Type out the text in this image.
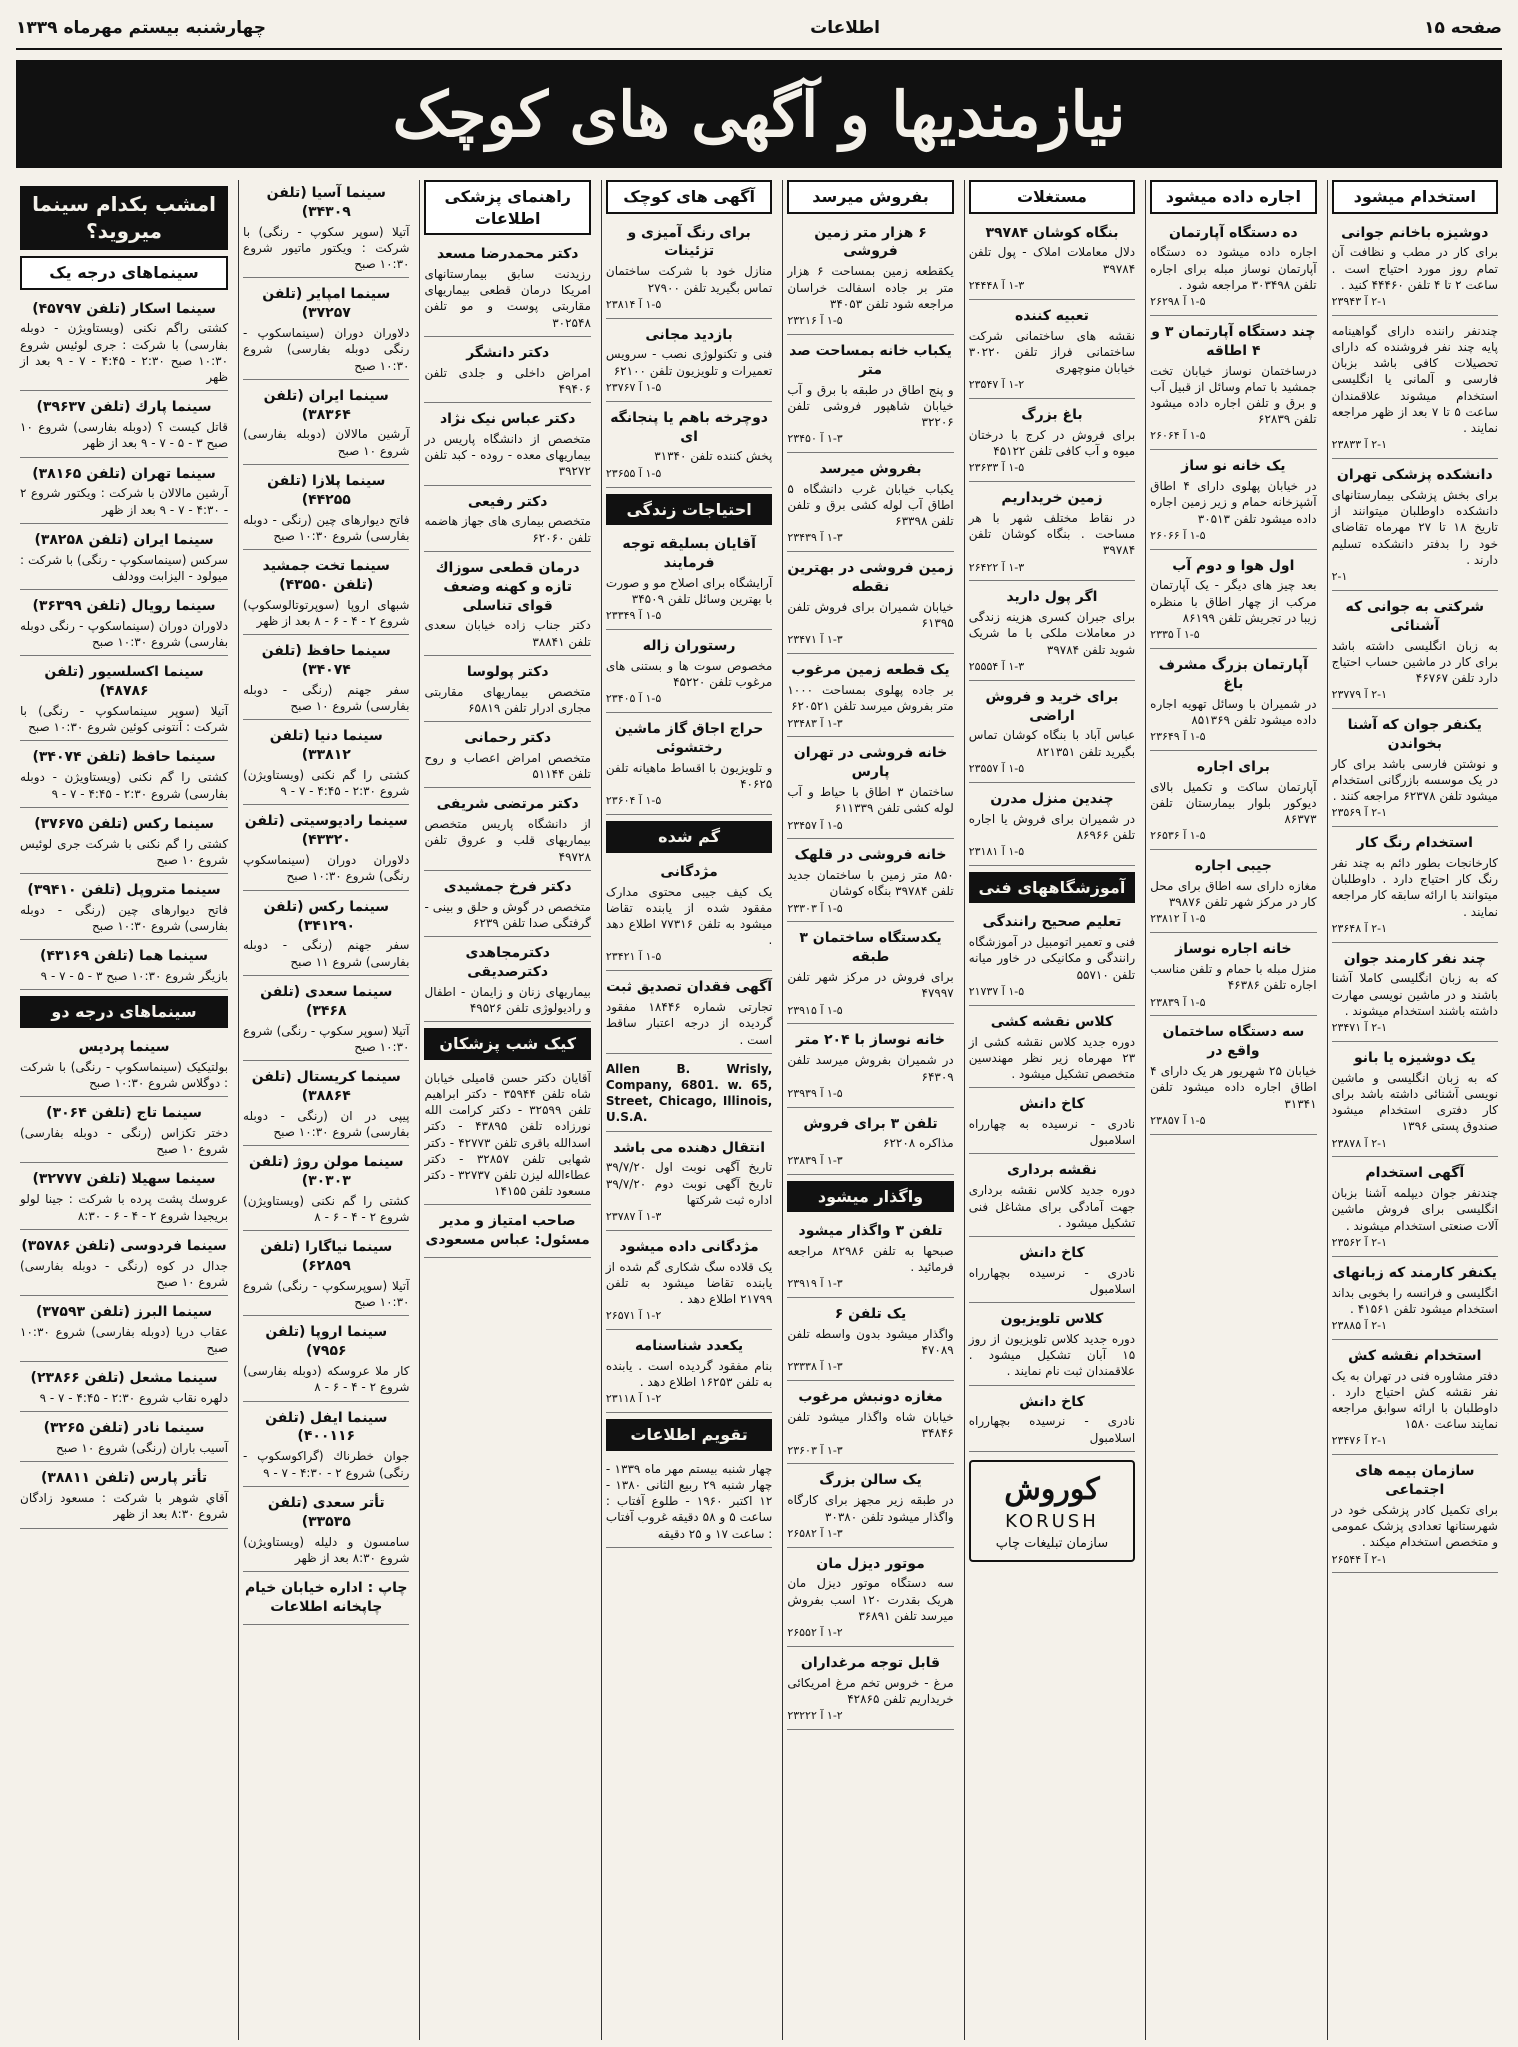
صفحه ۱۵
اطلاعات
چهارشنبه بیستم مهرماه ۱۳۳۹
نیازمندیها و آگهی های کوچک
استخدام میشود
دوشیزه باخانم جوانی
برای کار در مطب و نظافت آن تمام روز مورد احتیاج است . ساعت ۲ تا ۴ تلفن ۴۴۴۶۰ کنید .
۲-۱ آ ۲۳۹۴۳
چندنفر راننده دارای گواهینامه پایه چند نفر فروشنده که دارای تحصیلات کافی باشد بزبان فارسی و آلمانی یا انگلیسی استخدام میشوند علاقمندان ساعت ۵ تا ۷ بعد از ظهر مراجعه نمایند .
۲-۱ آ ۲۳۸۳۳
دانشکده پزشکی تهران
برای بخش پزشکی بیمارستانهای دانشکده داوطلبان میتوانند از تاریخ ۱۸ تا ۲۷ مهرماه تقاضای خود را بدفتر دانشکده تسلیم دارند .
۲-۱
شرکتی به جوانی که آشنائی
به زبان انگلیسی داشته باشد برای کار در ماشین حساب احتیاج دارد تلفن ۴۶۷۶۷
۲-۱ آ ۲۳۷۷۹
یکنفر جوان که آشنا بخواندن
و نوشتن فارسی باشد برای کار در یک موسسه بازرگانی استخدام میشود تلفن ۶۲۳۷۸ مراجعه کنند .
۲-۱ آ ۲۳۵۶۹
استخدام رنگ کار
کارخانجات بطور دائم به چند نفر رنگ کار احتیاج دارد . داوطلبان میتوانند با ارائه سابقه کار مراجعه نمایند .
۲-۱ آ ۲۳۶۴۸
چند نفر کارمند جوان
که به زبان انگلیسی کاملا آشنا باشند و در ماشین نویسی مهارت داشته باشند استخدام میشوند .
۲-۱ آ ۲۳۴۷۱
یک دوشیزه یا بانو
که به زبان انگلیسی و ماشین نویسی آشنائی داشته باشد برای کار دفتری استخدام میشود صندوق پستی ۱۳۹۶
۲-۱ آ ۲۳۸۷۸
آگهی استخدام
چندنفر جوان دیپلمه آشنا بزبان انگلیسی برای فروش ماشین آلات صنعتی استخدام میشوند .
۲-۱ آ ۲۳۵۶۲
یکنفر کارمند که زبانهای
انگلیسی و فرانسه را بخوبی بداند استخدام میشود تلفن ۴۱۵۶۱ .
۲-۱ آ ۲۳۸۸۵
استخدام نقشه کش
دفتر مشاوره فنی در تهران به یک نفر نقشه کش احتیاج دارد . داوطلبان با ارائه سوابق مراجعه نمایند ساعت ۱۵۸۰
۲-۱ آ ۲۳۴۷۶
سازمان بیمه های اجتماعی
برای تکمیل کادر پزشکی خود در شهرستانها تعدادی پزشک عمومی و متخصص استخدام میکند .
۲-۱ آ ۲۶۵۴۴
اجاره داده میشود
ده دستگاه آپارتمان
اجاره داده میشود ده دستگاه آپارتمان نوساز مبله برای اجاره تلفن ۳۰۳۴۹۸ مراجعه شود .
۱-۵ آ ۲۶۲۹۸
چند دستگاه آپارتمان ۳ و ۴ اطاقه
درساختمان نوساز خیابان تخت جمشید با تمام وسائل از قبیل آب و برق و تلفن اجاره داده میشود تلفن ۶۲۸۳۹
۱-۵ آ ۲۶۰۶۴
یک خانه نو ساز
در خیابان پهلوی دارای ۴ اطاق آشپزخانه حمام و زیر زمین اجاره داده میشود تلفن ۳۰۵۱۳
۱-۵ آ ۲۶۰۶۶
اول هوا و دوم آب
بعد چیز های دیگر - یک آپارتمان مرکب از چهار اطاق با منظره زیبا در تجریش تلفن ۸۶۱۹۹
۱-۵ آ ۲۳۳۵
آپارتمان بزرگ مشرف باغ
در شمیران با وسائل تهویه اجاره داده میشود تلفن ۸۵۱۳۶۹
۱-۵ آ ۲۳۶۴۹
برای اجاره
آپارتمان ساکت و تکمیل بالای دیوکور بلوار بیمارستان تلفن ۸۶۳۷۳
۱-۵ آ ۲۶۵۳۶
جیبی اجاره
مغازه دارای سه اطاق برای محل کار در مرکز شهر تلفن ۳۹۸۷۶
۱-۵ آ ۲۳۸۱۲
خانه اجاره نوساز
منزل مبله با حمام و تلفن مناسب اجاره تلفن ۴۶۳۸۶
۱-۵ آ ۲۳۸۳۹
سه دستگاه ساختمان واقع در
خیابان ۲۵ شهریور هر یک دارای ۴ اطاق اجاره داده میشود تلفن ۳۱۳۴۱
۱-۵ آ ۲۳۸۵۷
مستغلات
بنگاه کوشان ۳۹۷۸۴
دلال معاملات املاک - پول تلفن ۳۹۷۸۴
۱-۳ آ ۲۴۴۴۸
تعبیه کننده
نقشه های ساختمانی شرکت ساختمانی فراز تلفن ۳۰۲۲۰ خیابان منوچهری
۱-۲ آ ۲۳۵۴۷
باغ بزرگ
برای فروش در کرج با درختان میوه و آب کافی تلفن ۴۵۱۲۲
۱-۵ آ ۲۳۶۳۳
زمین خریداریم
در نقاط مختلف شهر با هر مساحت . بنگاه کوشان تلفن ۳۹۷۸۴
۱-۳ آ ۲۶۴۲۲
اگر پول دارید
برای جبران کسری هزینه زندگی در معاملات ملکی با ما شریک شوید تلفن ۳۹۷۸۴
۱-۳ آ ۲۵۵۵۴
برای خرید و فروش اراضی
عباس آباد با بنگاه کوشان تماس بگیرید تلفن ۸۲۱۳۵۱
۱-۵ آ ۲۳۵۵۷
چندین منزل مدرن
در شمیران برای فروش یا اجاره تلفن ۸۶۹۶۶
۱-۵ آ ۲۳۱۸۱
آموزشگاههای فنی
تعلیم صحیح رانندگی
فنی و تعمیر اتومبیل در آموزشگاه رانندگی و مکانیکی در خاور میانه تلفن ۵۵۷۱۰
۱-۵ آ ۲۱۷۳۷
کلاس نقشه کشی
دوره جدید کلاس نقشه کشی از ۲۳ مهرماه زیر نظر مهندسین متخصص تشکیل میشود .
کاخ دانش
نادری - نرسیده به چهارراه اسلامبول
نقشه برداری
دوره جدید کلاس نقشه برداری جهت آمادگی برای مشاغل فنی تشکیل میشود .
کاخ دانش
نادری - نرسیده بچهارراه اسلامبول
کلاس تلویزیون
دوره جدید کلاس تلویزیون از روز ۱۵ آبان تشکیل میشود . علاقمندان ثبت نام نمایند .
کاخ دانش
نادری - نرسیده بچهارراه اسلامبول
کوروش
KORUSH
سازمان تبلیغات چاپ
بفروش میرسد
۶ هزار متر زمین فروشی
یکقطعه زمین بمساحت ۶ هزار متر بر جاده اسفالت خراسان مراجعه شود تلفن ۳۴۰۵۳
۱-۵ آ ۲۳۲۱۶
یکباب خانه بمساحت صد متر
و پنج اطاق در طبقه با برق و آب خیابان شاهپور فروشی تلفن ۳۲۲۰۶
۱-۳ آ ۲۳۴۵۰
بفروش میرسد
یکباب خیابان غرب دانشگاه ۵ اطاق آب لوله کشی برق و تلفن تلفن ۶۳۳۹۸
۱-۳ آ ۲۳۴۳۹
زمین فروشی در بهترین نقطه
خیابان شمیران برای فروش تلفن ۶۱۳۹۵
۱-۳ آ ۲۳۴۷۱
یک قطعه زمین مرغوب
بر جاده پهلوی بمساحت ۱۰۰۰ متر بفروش میرسد تلفن ۶۲۰۵۲۱
۱-۳ آ ۲۳۴۸۳
خانه فروشی در تهران پارس
ساختمان ۳ اطاق با حیاط و آب لوله کشی تلفن ۶۱۱۳۳۹
۱-۵ آ ۲۳۴۵۷
خانه فروشی در قلهک
۸۵۰ متر زمین با ساختمان جدید تلفن ۳۹۷۸۴ بنگاه کوشان
۱-۵ آ ۲۳۳۰۳
یکدستگاه ساختمان ۳ طبقه
برای فروش در مرکز شهر تلفن ۴۷۹۹۷
۱-۵ آ ۲۳۹۱۵
خانه نوساز با ۲۰۴ متر
در شمیران بفروش میرسد تلفن ۶۴۳۰۹
۱-۵ آ ۲۳۹۳۹
تلفن ۳ برای فروش
مذاکره ۶۲۲۰۸
۱-۳ آ ۲۳۸۳۹
واگذار میشود
تلفن ۳ واگذار میشود
صبحها به تلفن ۸۲۹۸۶ مراجعه فرمائید .
۱-۳ آ ۲۳۹۱۹
یک تلفن ۶
واگذار میشود بدون واسطه تلفن ۴۷۰۸۹
۱-۳ آ ۲۳۳۳۸
مغازه دونبش مرغوب
خیابان شاه واگذار میشود تلفن ۳۴۸۴۶
۱-۳ آ ۲۳۶۰۳
یک سالن بزرگ
در طبقه زیر مجهز برای کارگاه واگذار میشود تلفن ۳۰۳۸۰
۱-۳ آ ۲۶۵۸۲
موتور دیزل مان
سه دستگاه موتور دیزل مان هریک بقدرت ۱۲۰ اسب بفروش میرسد تلفن ۳۶۸۹۱
۱-۲ آ ۲۶۵۵۲
قابل توجه مرغداران
مرغ - خروس تخم مرغ امریکائی خریداریم تلفن ۴۲۸۶۵
۱-۲ آ ۲۳۲۲۲
آگهی های کوچک
برای رنگ آمیزی و تزئینات
منازل خود با شرکت ساختمان تماس بگیرید تلفن ۲۷۹۰۰
۱-۵ آ ۲۳۸۱۴
بازدید مجانی
فنی و تکنولوژی نصب - سرویس تعمیرات و تلویزیون تلفن ۶۲۱۰۰
۱-۵ آ ۲۳۷۶۷
دوچرخه باهم یا پنجانگه ای
پخش کننده تلفن ۳۱۳۴۰
۱-۵ آ ۲۳۶۵۵
احتیاجات زندگی
آقایان بسلیقه توجه فرمایند
آرایشگاه برای اصلاح مو و صورت با بهترین وسائل تلفن ۳۴۵۰۹
۱-۵ آ ۲۳۳۴۹
رستوران زاله
مخصوص سوت ها و بستنی های مرغوب تلفن ۴۵۲۲۰
۱-۵ آ ۲۳۴۰۵
حراج اجاق گاز ماشین رختشوئی
و تلویزیون با اقساط ماهیانه تلفن ۴۰۶۲۵
۱-۵ آ ۲۳۶۰۴
گم شده
مژدگانی
یک کیف جیبی محتوی مدارک مفقود شده از یابنده تقاضا میشود به تلفن ۷۷۳۱۶ اطلاع دهد .
۱-۵ آ ۲۳۴۲۱
آگهی فقدان تصدیق ثبت
تجارتی شماره ۱۸۴۴۶ مفقود گردیده از درجه اعتبار ساقط است .
Allen B. Wrisly, Company, 6801. w. 65, Street, Chicago, Illinois, U.S.A.
انتقال دهنده می باشد
تاریخ آگهی نوبت اول ۳۹/۷/۲۰ تاریخ آگهی نوبت دوم ۳۹/۷/۲۰ اداره ثبت شرکتها
۱-۳ آ ۲۳۷۸۷
مژدگانی داده میشود
یک قلاده سگ شکاری گم شده از یابنده تقاضا میشود به تلفن ۲۱۷۹۹ اطلاع دهد .
۱-۲ آ ۲۶۵۷۱
یکعدد شناسنامه
بنام مفقود گردیده است . یابنده به تلفن ۱۶۲۵۳ اطلاع دهد .
۱-۲ آ ۲۳۱۱۸
تقویم اطلاعات
چهار شنبه بیستم مهر ماه ۱۳۳۹ - چهار شنبه ۲۹ ربیع الثانی ۱۳۸۰ - ۱۲ اکتبر ۱۹۶۰ - طلوع آفتاب : ساعت ۵ و ۵۸ دقیقه غروب آفتاب : ساعت ۱۷ و ۲۵ دقیقه
راهنمای پزشکی اطلاعات
دکتر محمدرضا مسعد
رزیدنت سابق بیمارستانهای امریکا درمان قطعی بیماریهای مقاربتی پوست و مو تلفن ۳۰۲۵۴۸
دکتر دانشگر
امراض داخلی و جلدی تلفن ۴۹۴۰۶
دکتر عباس نیک نژاد
متخصص از دانشگاه پاریس در بیماریهای معده - روده - کبد تلفن ۳۹۲۷۲
دکتر رفیعی
متخصص بیماری های جهاز هاضمه تلفن ۶۲۰۶۰
درمان قطعی سوزاك تازه و کهنه وضعف قوای تناسلی
دکتر جناب زاده خیابان سعدی تلفن ۳۸۸۴۱
دکتر پولوسا
متخصص بیماریهای مقاربتی مجاری ادرار تلفن ۶۵۸۱۹
دکتر رحمانی
متخصص امراض اعصاب و روح تلفن ۵۱۱۴۴
دکتر مرتضی شریفی
از دانشگاه پاریس متخصص بیماریهای قلب و عروق تلفن ۴۹۷۲۸
دکتر فرخ جمشیدی
متخصص در گوش و حلق و بینی - گرفتگی صدا تلفن ۶۲۳۹
دکترمجاهدی دکترصدیقی
بیماریهای زنان و زایمان - اطفال و رادیولوژی تلفن ۴۹۵۲۶
کیک شب پزشکان
آقایان دکتر حسن قامیلی خیابان شاه تلفن ۳۵۹۴۴ - دکتر ابراهیم تلفن ۳۲۵۹۹ - دکتر کرامت الله نورزاده تلفن ۴۳۸۹۵ - دکتر اسدالله باقری تلفن ۴۲۷۷۳ - دکتر شهابی تلفن ۳۲۸۵۷ - دکتر عطاءالله لیزن تلفن ۳۲۷۳۷ - دکتر مسعود تلفن ۱۴۱۵۵
صاحب امتیاز و مدیر مسئول: عباس مسعودی
سینما آسیا (تلفن ۳۴۳۰۹)
آتیلا (سوپر سکوپ - رنگی) با شرکت : ویکتور ماتیور شروع ۱۰:۳۰ صبح
سینما امپایر (تلفن ۳۷۲۵۷)
دلاوران دوران (سینماسکوپ - رنگی دوبله بفارسی) شروع ۱۰:۳۰ صبح
سینما ایران (تلفن ۳۸۳۶۴)
آرشین مالالان (دوبله بفارسی) شروع ۱۰ صبح
سینما پلازا (تلفن ۴۴۲۵۵)
فاتح دیوارهای چین (رنگی - دوبله بفارسی) شروع ۱۰:۳۰ صبح
سینما تخت جمشید (تلفن ۴۳۵۵۰)
شبهای اروپا (سوپرتوتالوسکوپ) شروع ۲ - ۴ - ۶ - ۸ بعد از ظهر
سینما حافظ (تلفن ۳۴۰۷۴)
سفر جهنم (رنگی - دوبله بفارسی) شروع ۱۰ صبح
سینما دنیا (تلفن ۳۳۸۱۲)
کشتی را گم نکنی (ویستاویژن) شروع ۲:۳۰ - ۴:۴۵ - ۷ - ۹
سینما رادیوسیتی (تلفن ۴۳۳۲۰)
دلاوران دوران (سینماسکوپ رنگی) شروع ۱۰:۳۰ صبح
سینما رکس (تلفن ۳۴۱۲۹۰)
سفر جهنم (رنگی - دوبله بفارسی) شروع ۱۱ صبح
سینما سعدی (تلفن ۳۴۶۸)
آتیلا (سوپر سکوپ - رنگی) شروع ۱۰:۳۰ صبح
سینما کریستال (تلفن ۳۸۸۶۴)
پیپی در ان (رنگی - دوبله بفارسی) شروع ۱۰:۳۰ صبح
سینما مولن روژ (تلفن ۳۰۳۰۳)
کشتی را گم نکنی (ویستاویژن) شروع ۲ - ۴ - ۶ - ۸
سینما نیاگارا (تلفن ۶۲۸۵۹)
آتیلا (سوپرسکوپ - رنگی) شروع ۱۰:۳۰ صبح
سینما اروپا (تلفن ۷۹۵۶)
کار ملا عروسکه (دوبله بفارسی) شروع ۲ - ۴ - ۶ - ۸
سینما ایفل (تلفن ۴۰۰۱۱۶)
جوان خطرناك (گراکوسکوپ - رنگی) شروع ۲ - ۴:۳۰ - ۷ - ۹
تأتر سعدی (تلفن ۳۳۵۳۵)
سامسون و دلیله (ویستاویژن) شروع ۸:۳۰ بعد از ظهر
چاپ : اداره خیابان خیام چاپخانه اطلاعات
امشب بکدام سینما میروید؟
سینماهای درجه یک
سینما اسکار (تلفن ۴۵۷۹۷)
کشتی راگم نکنی (ویستاویژن - دوبله بفارسی) با شرکت : جری لوئیس شروع ۱۰:۳۰ صبح ۲:۳۰ - ۴:۴۵ - ۷ - ۹ بعد از ظهر
سینما پارك (تلفن ۳۹۶۳۷)
قاتل کیست ؟ (دوبله بفارسی) شروع ۱۰ صبح ۳ - ۵ - ۷ - ۹ بعد از ظهر
سینما تهران (تلفن ۳۸۱۶۵)
آرشین مالالان با شرکت : ویکتور شروع ۲ - ۴:۳۰ - ۷ - ۹ بعد از ظهر
سینما ایران (تلفن ۳۸۲۵۸)
سرکس (سینماسکوپ - رنگی) با شرکت : میولود - الیزابت وودلف
سینما رویال (تلفن ۳۶۳۹۹)
دلاوران دوران (سینماسکوپ - رنگی دوبله بفارسی) شروع ۱۰:۳۰ صبح
سینما اکسلسیور (تلفن ۴۸۷۸۶)
آتیلا (سوپر سینماسکوپ - رنگی) با شرکت : آنتونی کوئین شروع ۱۰:۳۰ صبح
سینما حافظ (تلفن ۳۴۰۷۴)
کشتی را گم نکنی (ویستاویژن - دوبله بفارسی) شروع ۲:۳۰ - ۴:۴۵ - ۷ - ۹
سینما رکس (تلفن ۳۷۶۷۵)
کشتی را گم نکنی با شرکت جری لوئیس شروع ۱۰ صبح
سینما متروپل (تلفن ۳۹۴۱۰)
فاتح دیوارهای چین (رنگی - دوبله بفارسی) شروع ۱۰:۳۰ صبح
سینما هما (تلفن ۴۳۱۶۹)
بازیگر شروع ۱۰:۳۰ صبح ۳ - ۵ - ۷ - ۹
سینماهای درجه دو
سینما پردیس
بولتیکیک (سینماسکوپ - رنگی) با شرکت : دوگلاس شروع ۱۰:۳۰ صبح
سینما تاج (تلفن ۳۰۶۴)
دختر تکزاس (رنگی - دوبله بفارسی) شروع ۱۰ صبح
سینما سهیلا (تلفن ۳۲۷۷۷)
عروسك پشت پرده با شرکت : جینا لولو بریجیدا شروع ۲ - ۴ - ۶ - ۸:۳۰
سینما فردوسی (تلفن ۳۵۷۸۶)
جدال در کوه (رنگی - دوبله بفارسی) شروع ۱۰ صبح
سینما البرز (تلفن ۳۷۵۹۳)
عقاب دریا (دوبله بفارسی) شروع ۱۰:۳۰ صبح
سینما مشعل (تلفن ۲۳۸۶۶)
دلهره نقاب شروع ۲:۳۰ - ۴:۴۵ - ۷ - ۹
سینما نادر (تلفن ۳۲۶۵)
آسیب باران (رنگی) شروع ۱۰ صبح
تأتر پارس (تلفن ۳۸۸۱۱)
آقاي شوهر با شرکت : مسعود زادگان شروع ۸:۳۰ بعد از ظهر
